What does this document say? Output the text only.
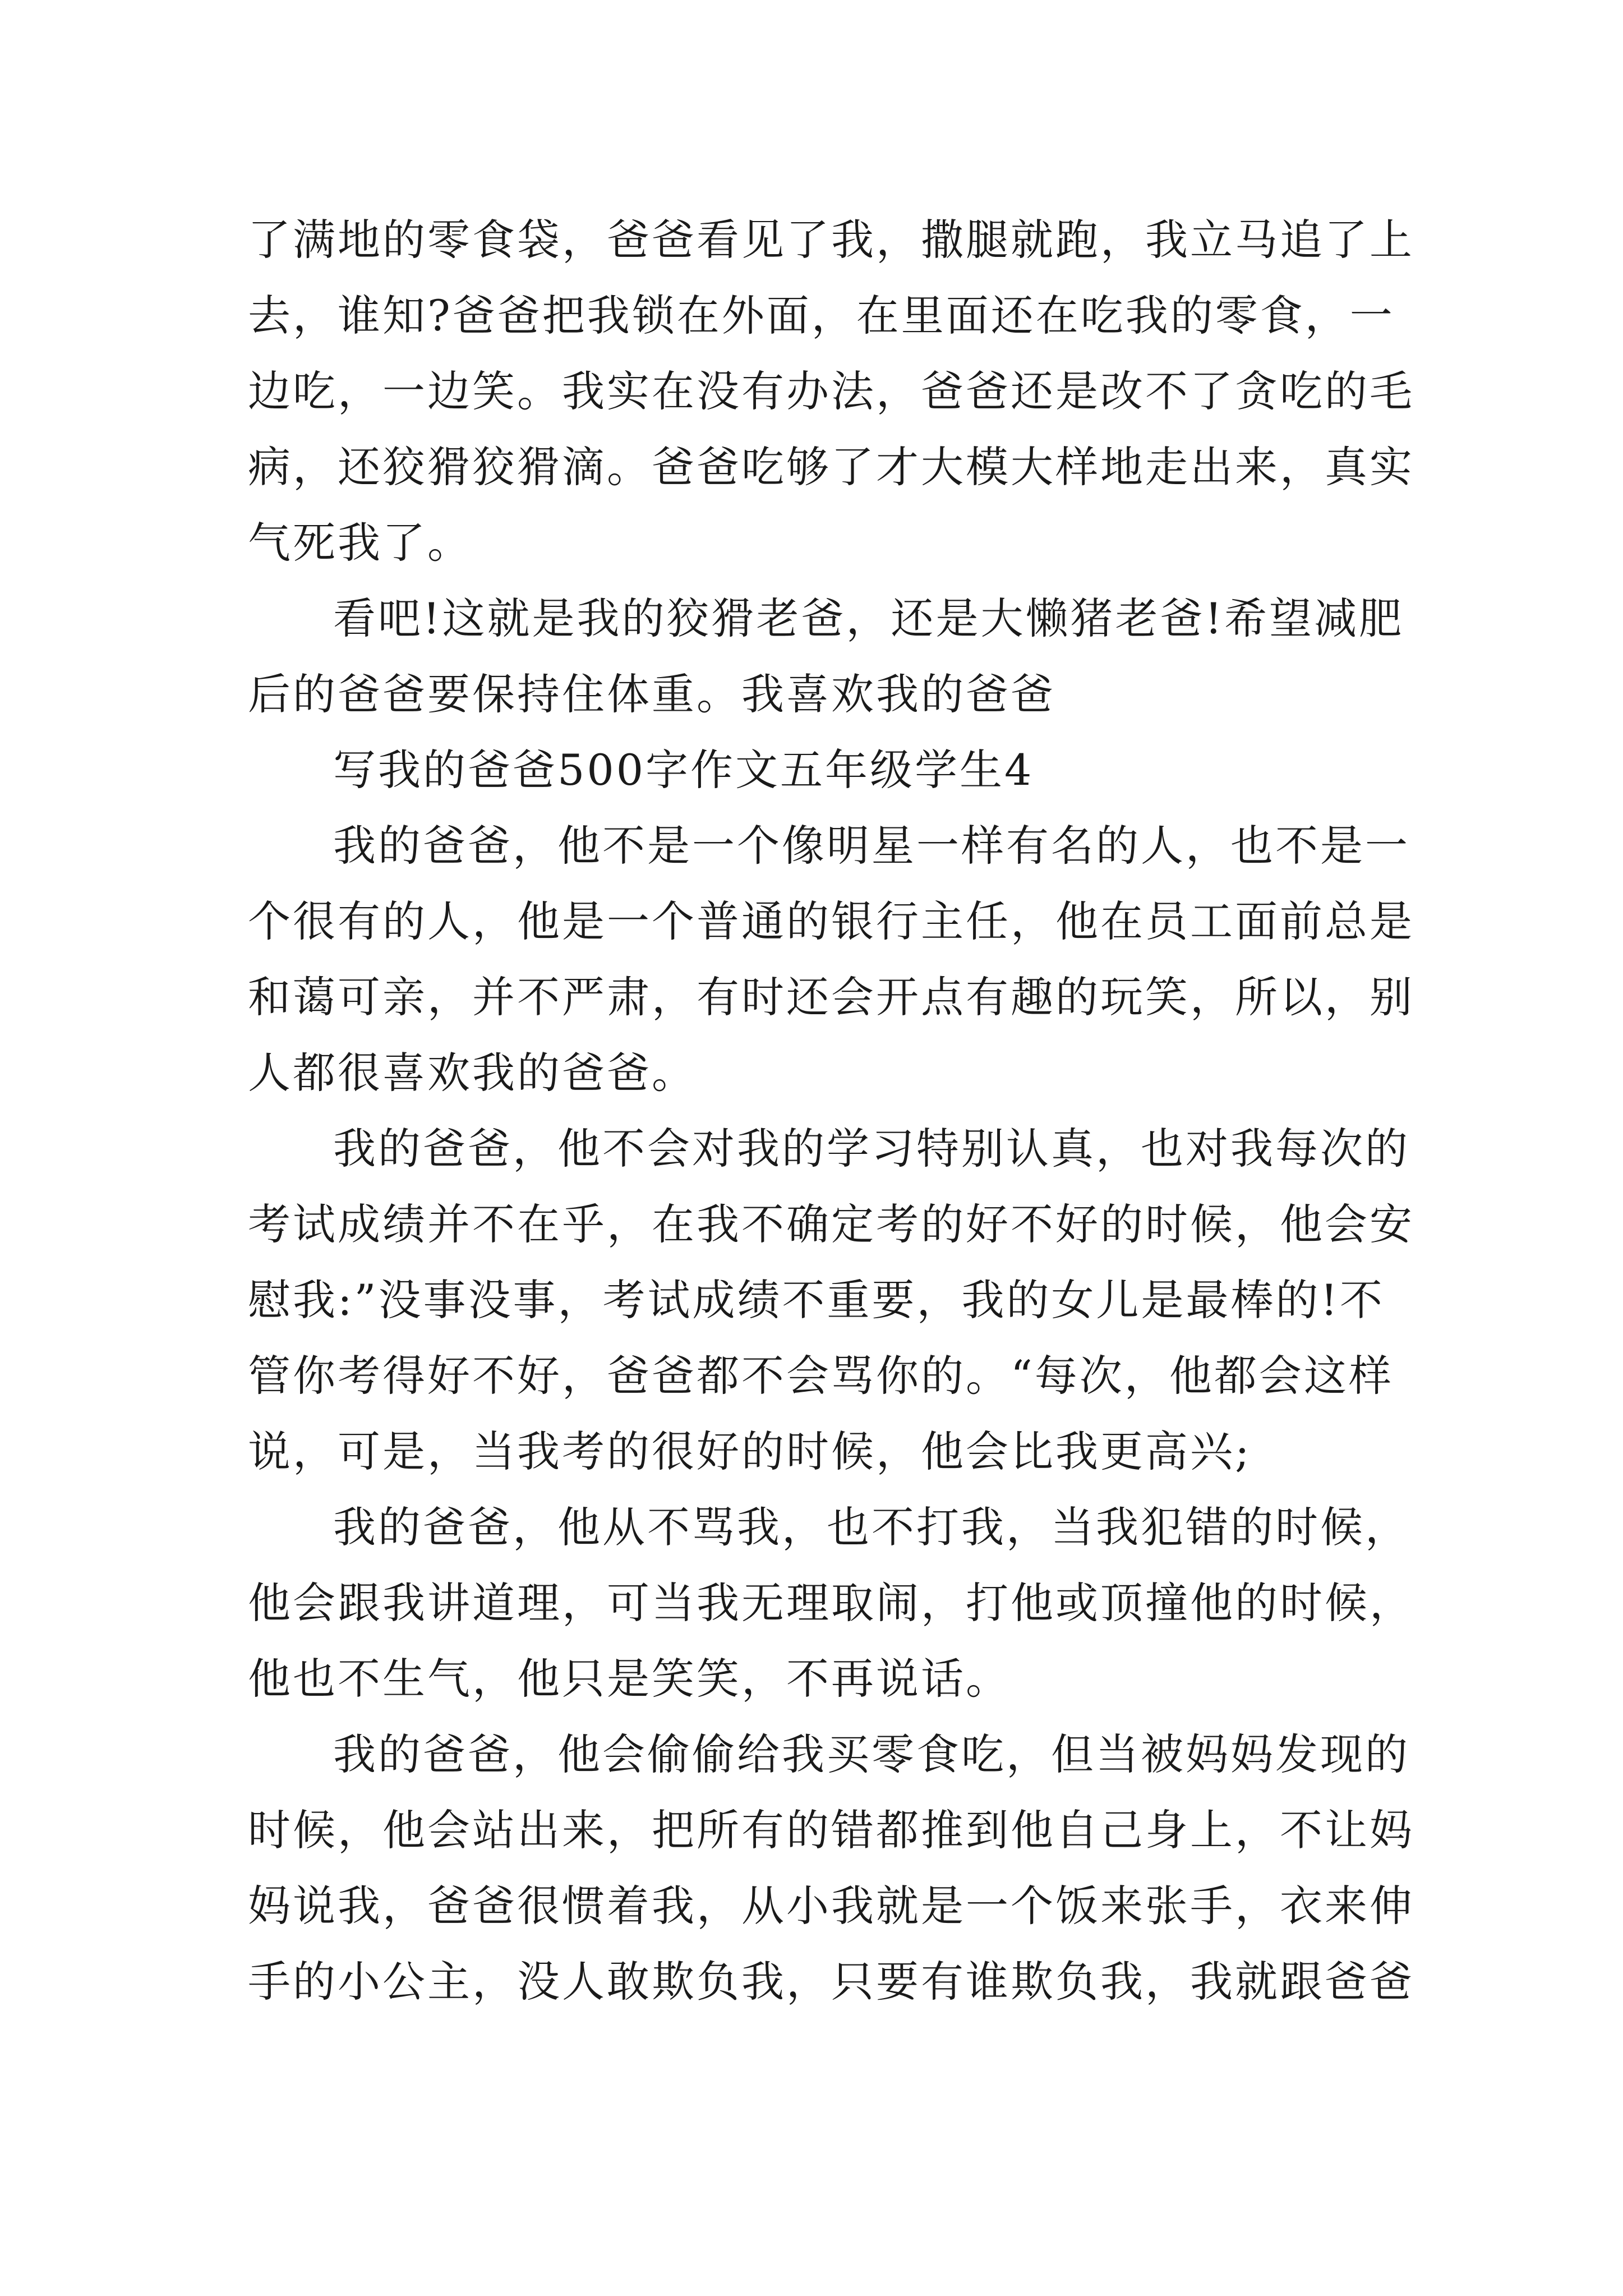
了满地的零食袋，爸爸看见了我，撒腿就跑，我立马追了上
去，谁知?爸爸把我锁在外面，在里面还在吃我的零食，一
边吃，一边笑。我实在没有办法，爸爸还是改不了贪吃的毛
病，还狡猾狡猾滴。爸爸吃够了才大模大样地走出来，真实
气死我了。
看吧!这就是我的狡猾老爸，还是大懒猪老爸!希望减肥
后的爸爸要保持住体重。我喜欢我的爸爸
写我的爸爸500字作文五年级学生4
我的爸爸，他不是一个像明星一样有名的人，也不是一
个很有的人，他是一个普通的银行主任，他在员工面前总是
和蔼可亲，并不严肃，有时还会开点有趣的玩笑，所以，别
人都很喜欢我的爸爸。
我的爸爸，他不会对我的学习特别认真，也对我每次的
考试成绩并不在乎，在我不确定考的好不好的时候，他会安
慰我:”没事没事，考试成绩不重要，我的女儿是最棒的!不
管你考得好不好，爸爸都不会骂你的。“每次，他都会这样
说，可是，当我考的很好的时候，他会比我更高兴;
我的爸爸，他从不骂我，也不打我，当我犯错的时候，
他会跟我讲道理，可当我无理取闹，打他或顶撞他的时候，
他也不生气，他只是笑笑，不再说话。
我的爸爸，他会偷偷给我买零食吃，但当被妈妈发现的
时候，他会站出来，把所有的错都推到他自己身上，不让妈
妈说我，爸爸很惯着我，从小我就是一个饭来张手，衣来伸
手的小公主，没人敢欺负我，只要有谁欺负我，我就跟爸爸
